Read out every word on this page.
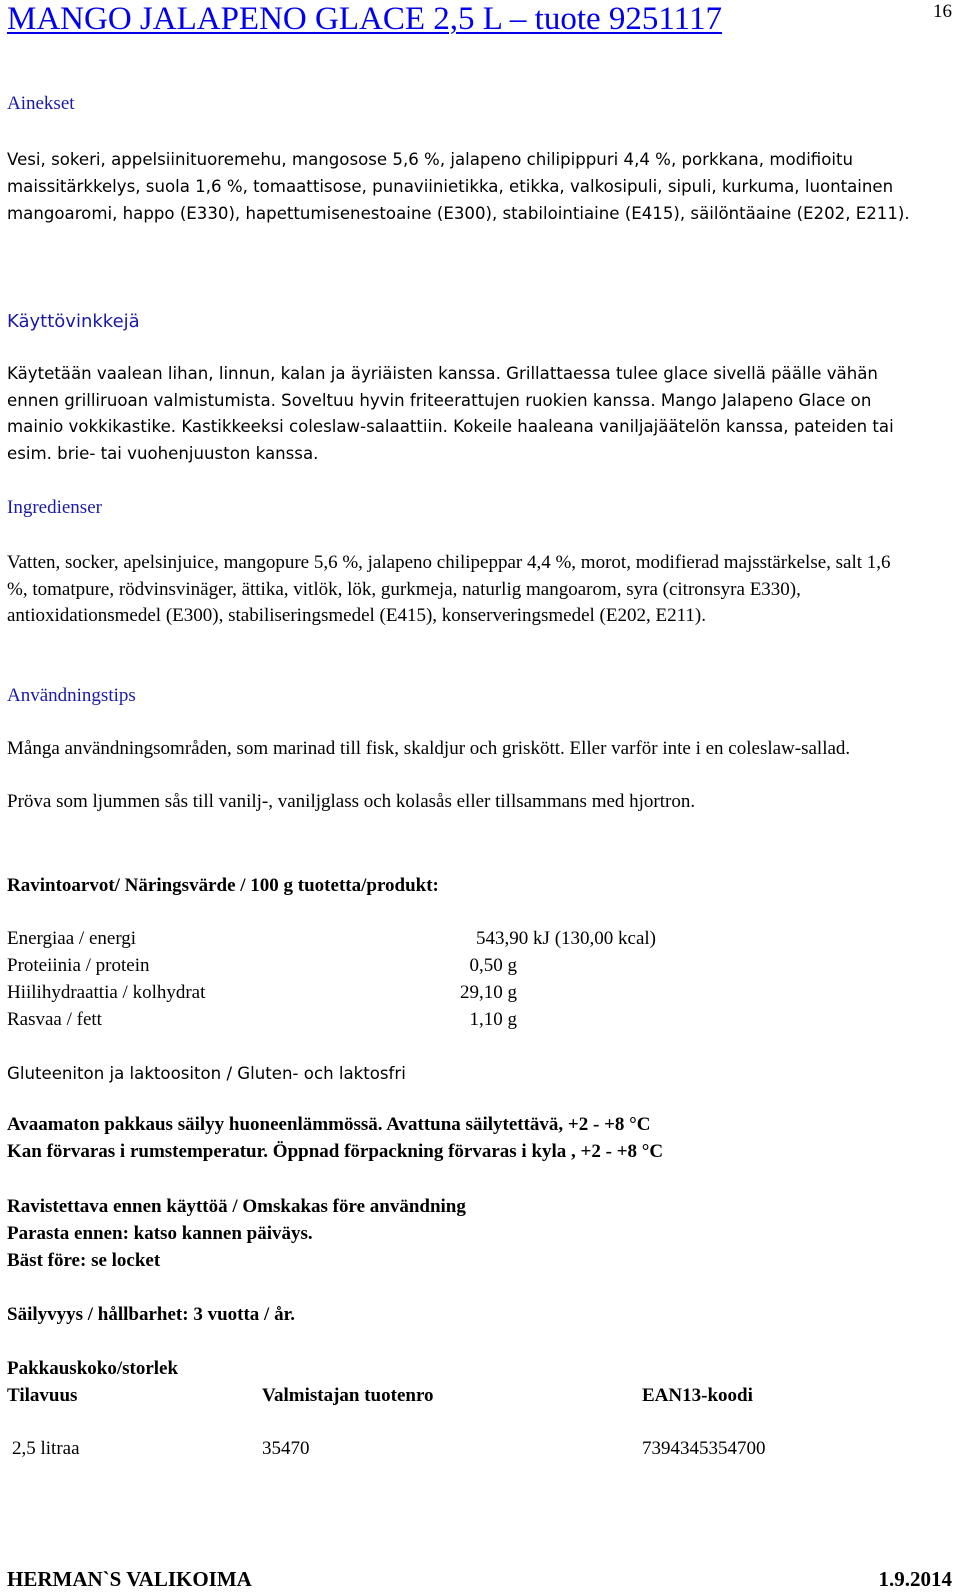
MANGO JALAPENO GLACE 2,5 L – tuote 9251117	16
Ainekset
Vesi, sokeri, appelsiinituoremehu, mangosose 5,6 %, jalapeno chilipippuri 4,4 %, porkkana, modifioitu maissitärkkelys, suola 1,6 %, tomaattisose, punaviinietikka, etikka, valkosipuli, sipuli, kurkuma, luontainen mangoaromi, happo (E330), hapettumisenestoaine (E300), stabilointiaine (E415), säilöntäaine (E202, E211).
Käyttövinkkejä
Käytetään vaalean lihan, linnun, kalan ja äyriäisten kanssa. Grillattaessa tulee glace sivellä päälle vähän ennen grilliruoan valmistumista. Soveltuu hyvin friteerattujen ruokien kanssa. Mango Jalapeno Glace on mainio vokkikastike. Kastikkeeksi coleslaw-salaattiin. Kokeile haaleana vaniljajäätelön kanssa, pateiden tai esim. brie- tai vuohenjuuston kanssa.
Ingredienser
Vatten, socker, apelsinjuice, mangopure 5,6 %, jalapeno chilipeppar 4,4 %, morot, modifierad majsstärkelse, salt 1,6 %, tomatpure, rödvinsvinäger, ättika, vitlök, lök, gurkmeja, naturlig mangoarom, syra (citronsyra E330), antioxidationsmedel (E300), stabiliseringsmedel (E415), konserveringsmedel (E202, E211).
Användningstips
Många användningsområden, som marinad till fisk, skaldjur och griskött. Eller varför inte i en coleslaw-sallad.
Pröva som ljummen sås till vanilj-, vaniljglass och kolasås eller tillsammans med hjortron.
Ravintoarvot/ Näringsvärde / 100 g tuotetta/produkt:
Energiaa / energi	543,90 kJ (130,00 kcal)
Proteiinia / protein	0,50 g
Hiilihydraattia / kolhydrat	29,10 g
Rasvaa / fett	1,10 g
Gluteeniton ja laktoositon / Gluten- och laktosfri
Avaamaton pakkaus säilyy huoneenlämmössä. Avattuna säilytettävä, +2 - +8 °C
Kan förvaras i rumstemperatur. Öppnad förpackning förvaras i kyla , +2 - +8 °C
Ravistettava ennen käyttöä / Omskakas före användning
Parasta ennen: katso kannen päiväys.
Bäst före: se locket
Säilyvyys / hållbarhet: 3 vuotta / år.
Pakkauskoko/storlek
Tilavuus	Valmistajan tuotenro	EAN13-koodi
2,5 litraa	35470	7394345354700
HERMAN`S VALIKOIMA	1.9.2014
